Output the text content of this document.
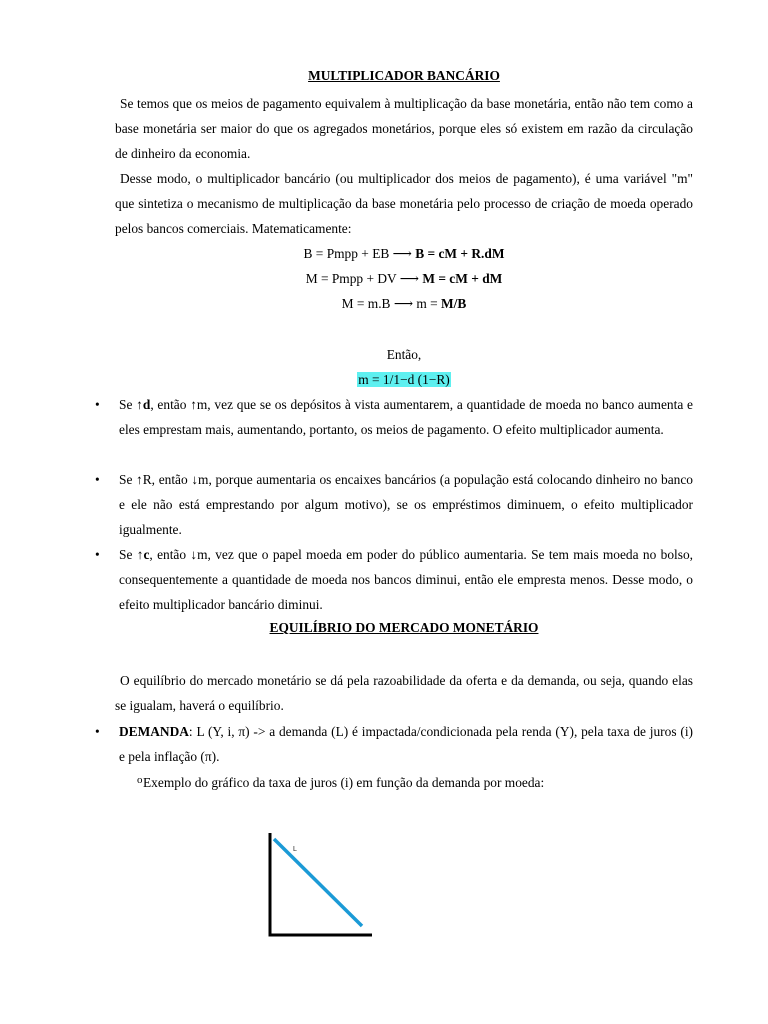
MULTIPLICADOR BANCÁRIO

Se temos que os meios de pagamento equivalem à multiplicação da base monetária, então não tem como a base monetária ser maior do que os agregados monetários, porque eles só existem em razão da circulação de dinheiro da economia.

Desse modo, o multiplicador bancário (ou multiplicador dos meios de pagamento), é uma variável "m" que sintetiza o mecanismo de multiplicação da base monetária pelo processo de criação de moeda operado pelos bancos comerciais. Matematicamente:

B = Pmpp + EB ⟶ B = cM + R.dM
M = Pmpp + DV ⟶ M = cM + dM
M = m.B ⟶ m = M/B
Então,
m = 1/1−d (1−R)
• Se ↑d, então ↑m, vez que se os depósitos à vista aumentarem, a quantidade de moeda no banco aumenta e eles emprestam mais, aumentando, portanto, os meios de pagamento. O efeito multiplicador aumenta.
• Se ↑R, então ↓m, porque aumentaria os encaixes bancários (a população está colocando dinheiro no banco e ele não está emprestando por algum motivo), se os empréstimos diminuem, o efeito multiplicador igualmente.
• Se ↑c, então ↓m, vez que o papel moeda em poder do público aumentaria. Se tem mais moeda no bolso, consequentemente a quantidade de moeda nos bancos diminui, então ele empresta menos. Desse modo, o efeito multiplicador bancário diminui.
EQUILÍBRIO DO MERCADO MONETÁRIO

O equilíbrio do mercado monetário se dá pela razoabilidade da oferta e da demanda, ou seja, quando elas se igualam, haverá o equilíbrio.

• DEMANDA: L (Y, i, π) -> a demanda (L) é impactada/condicionada pela renda (Y), pela taxa de juros (i) e pela inflação (π).
o Exemplo do gráfico da taxa de juros (i) em função da demanda por moeda:
L
